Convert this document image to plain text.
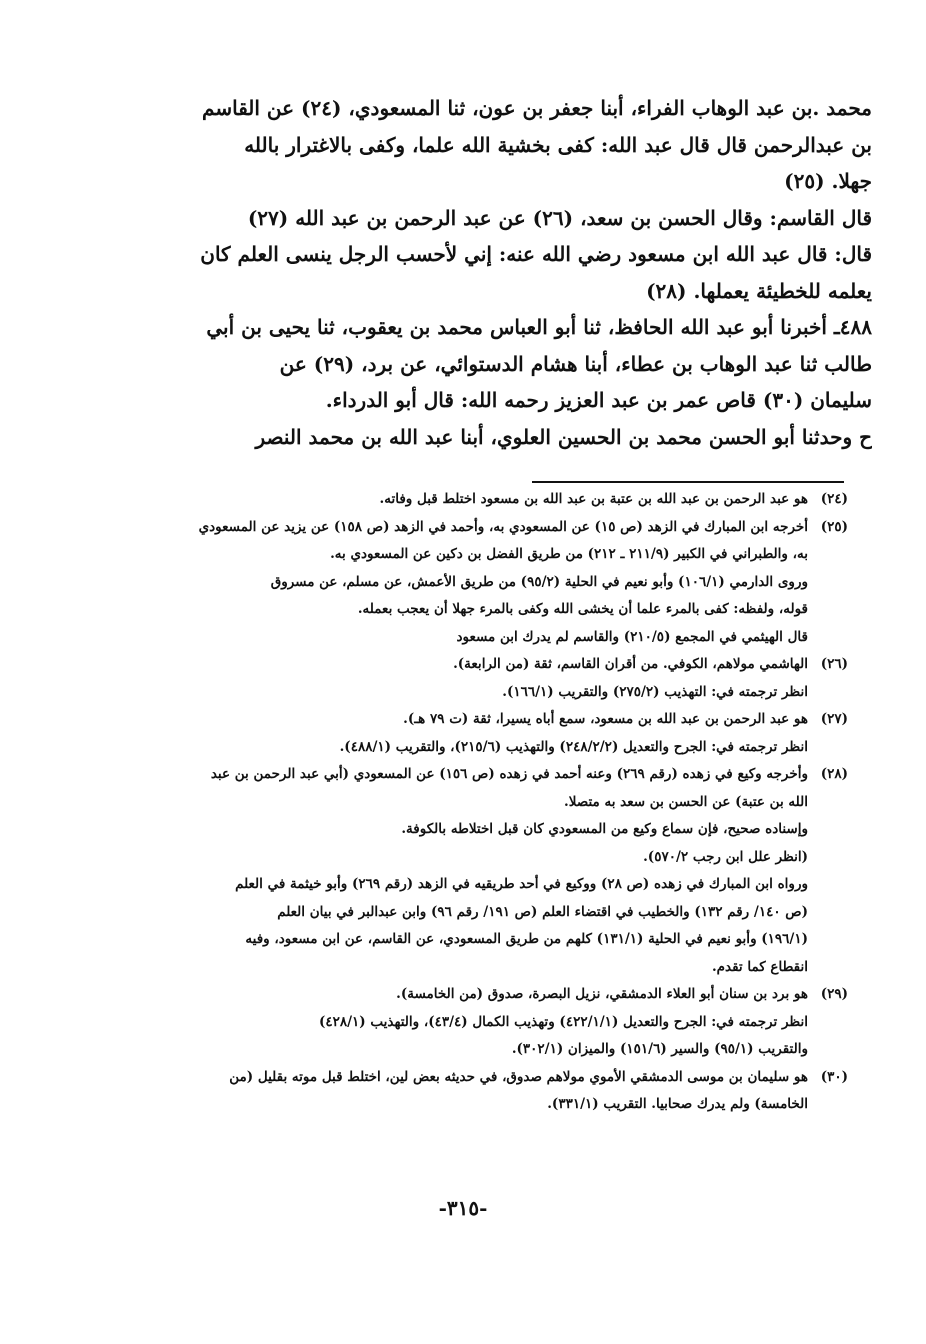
محمد .بن عبد الوهاب الفراء، أبنا جعفر بن عون، ثنا المسعودي، (٢٤) عن القاسم
بن عبدالرحمن قال قال عبد الله: كفى بخشية الله علما، وكفى بالاغترار بالله
جهلا. (٢٥)

قال القاسم: وقال الحسن بن سعد، (٢٦) عن عبد الرحمن بن عبد الله (٢٧)
قال: قال عبد الله ابن مسعود رضي الله عنه: إني لأحسب الرجل ينسى العلم كان
يعلمه للخطيئة يعملها. (٢٨)

٤٨٨ـ أخبرنا أبو عبد الله الحافظ، ثنا أبو العباس محمد بن يعقوب، ثنا يحيى بن أبي
طالب ثنا عبد الوهاب بن عطاء، أبنا هشام الدستوائي، عن برد، (٢٩) عن
سليمان (٣٠) قاص عمر بن عبد العزيز رحمه الله: قال أبو الدرداء.

ح وحدثنا أبو الحسن محمد بن الحسين العلوي، أبنا عبد الله بن محمد النصر

(٢٤)هو عبد الرحمن بن عبد الله بن عتبة بن عبد الله بن مسعود اختلط قبل وفاته.
(٢٥)أخرجه ابن المبارك في الزهد (ص ١٥) عن المسعودي به، وأحمد في الزهد (ص ١٥٨) عن يزيد عن المسعودي
به، والطبراني في الكبير (٢١١/٩ ـ ٢١٢) من طريق الفضل بن دكين عن المسعودي به.
وروى الدارمي (١٠٦/١) وأبو نعيم في الحلية (٩٥/٢) من طريق الأعمش، عن مسلم، عن مسروق
قوله، ولفظه: كفى بالمرء علما أن يخشى الله وكفى بالمرء جهلا أن يعجب بعمله.
قال الهيثمي في المجمع (٢١٠/٥) والقاسم لم يدرك ابن مسعود
(٢٦)الهاشمي مولاهم، الكوفي. من أقران القاسم، ثقة (من الرابعة).
انظر ترجمته في: التهذيب (٢٧٥/٢) والتقريب (١٦٦/١).
(٢٧)هو عبد الرحمن بن عبد الله بن مسعود، سمع أباه يسيرا، ثقة (ت ٧٩ هـ).
انظر ترجمته في: الجرح والتعديل (٢٤٨/٢/٢) والتهذيب (٢١٥/٦)، والتقريب (٤٨٨/١).
(٢٨)وأخرجه وكيع في زهده (رقم ٢٦٩) وعنه أحمد في زهده (ص ١٥٦) عن المسعودي (أبي عبد الرحمن بن عبد
الله بن عتبة) عن الحسن بن سعد به متصلا.
وإسناده صحيح، فإن سماع وكيع من المسعودي كان قبل اختلاطه بالكوفة.
(انظر علل ابن رجب ٥٧٠/٢).
ورواه ابن المبارك في زهده (ص ٢٨) ووكيع في أحد طريقيه في الزهد (رقم ٢٦٩) وأبو خيثمة في العلم
(ص ١٤٠/ رقم ١٣٢) والخطيب في اقتضاء العلم (ص ١٩١/ رقم ٩٦) وابن عبدالبر في بيان العلم
(١٩٦/١) وأبو نعيم في الحلية (١٣١/١) كلهم من طريق المسعودي، عن القاسم، عن ابن مسعود، وفيه
انقطاع كما تقدم.
(٢٩)هو برد بن سنان أبو العلاء الدمشقي، نزيل البصرة، صدوق (من الخامسة).
انظر ترجمته في: الجرح والتعديل (٤٢٢/١/١) وتهذيب الكمال (٤٣/٤)، والتهذيب (٤٢٨/١)
والتقريب (٩٥/١) والسير (١٥١/٦) والميزان (٣٠٢/١).
(٣٠)هو سليمان بن موسى الدمشقي الأموي مولاهم صدوق، في حديثه بعض لين، اختلط قبل موته بقليل (من
الخامسة) ولم يدرك صحابيا. التقريب (٣٣١/١).
-٣١٥-
